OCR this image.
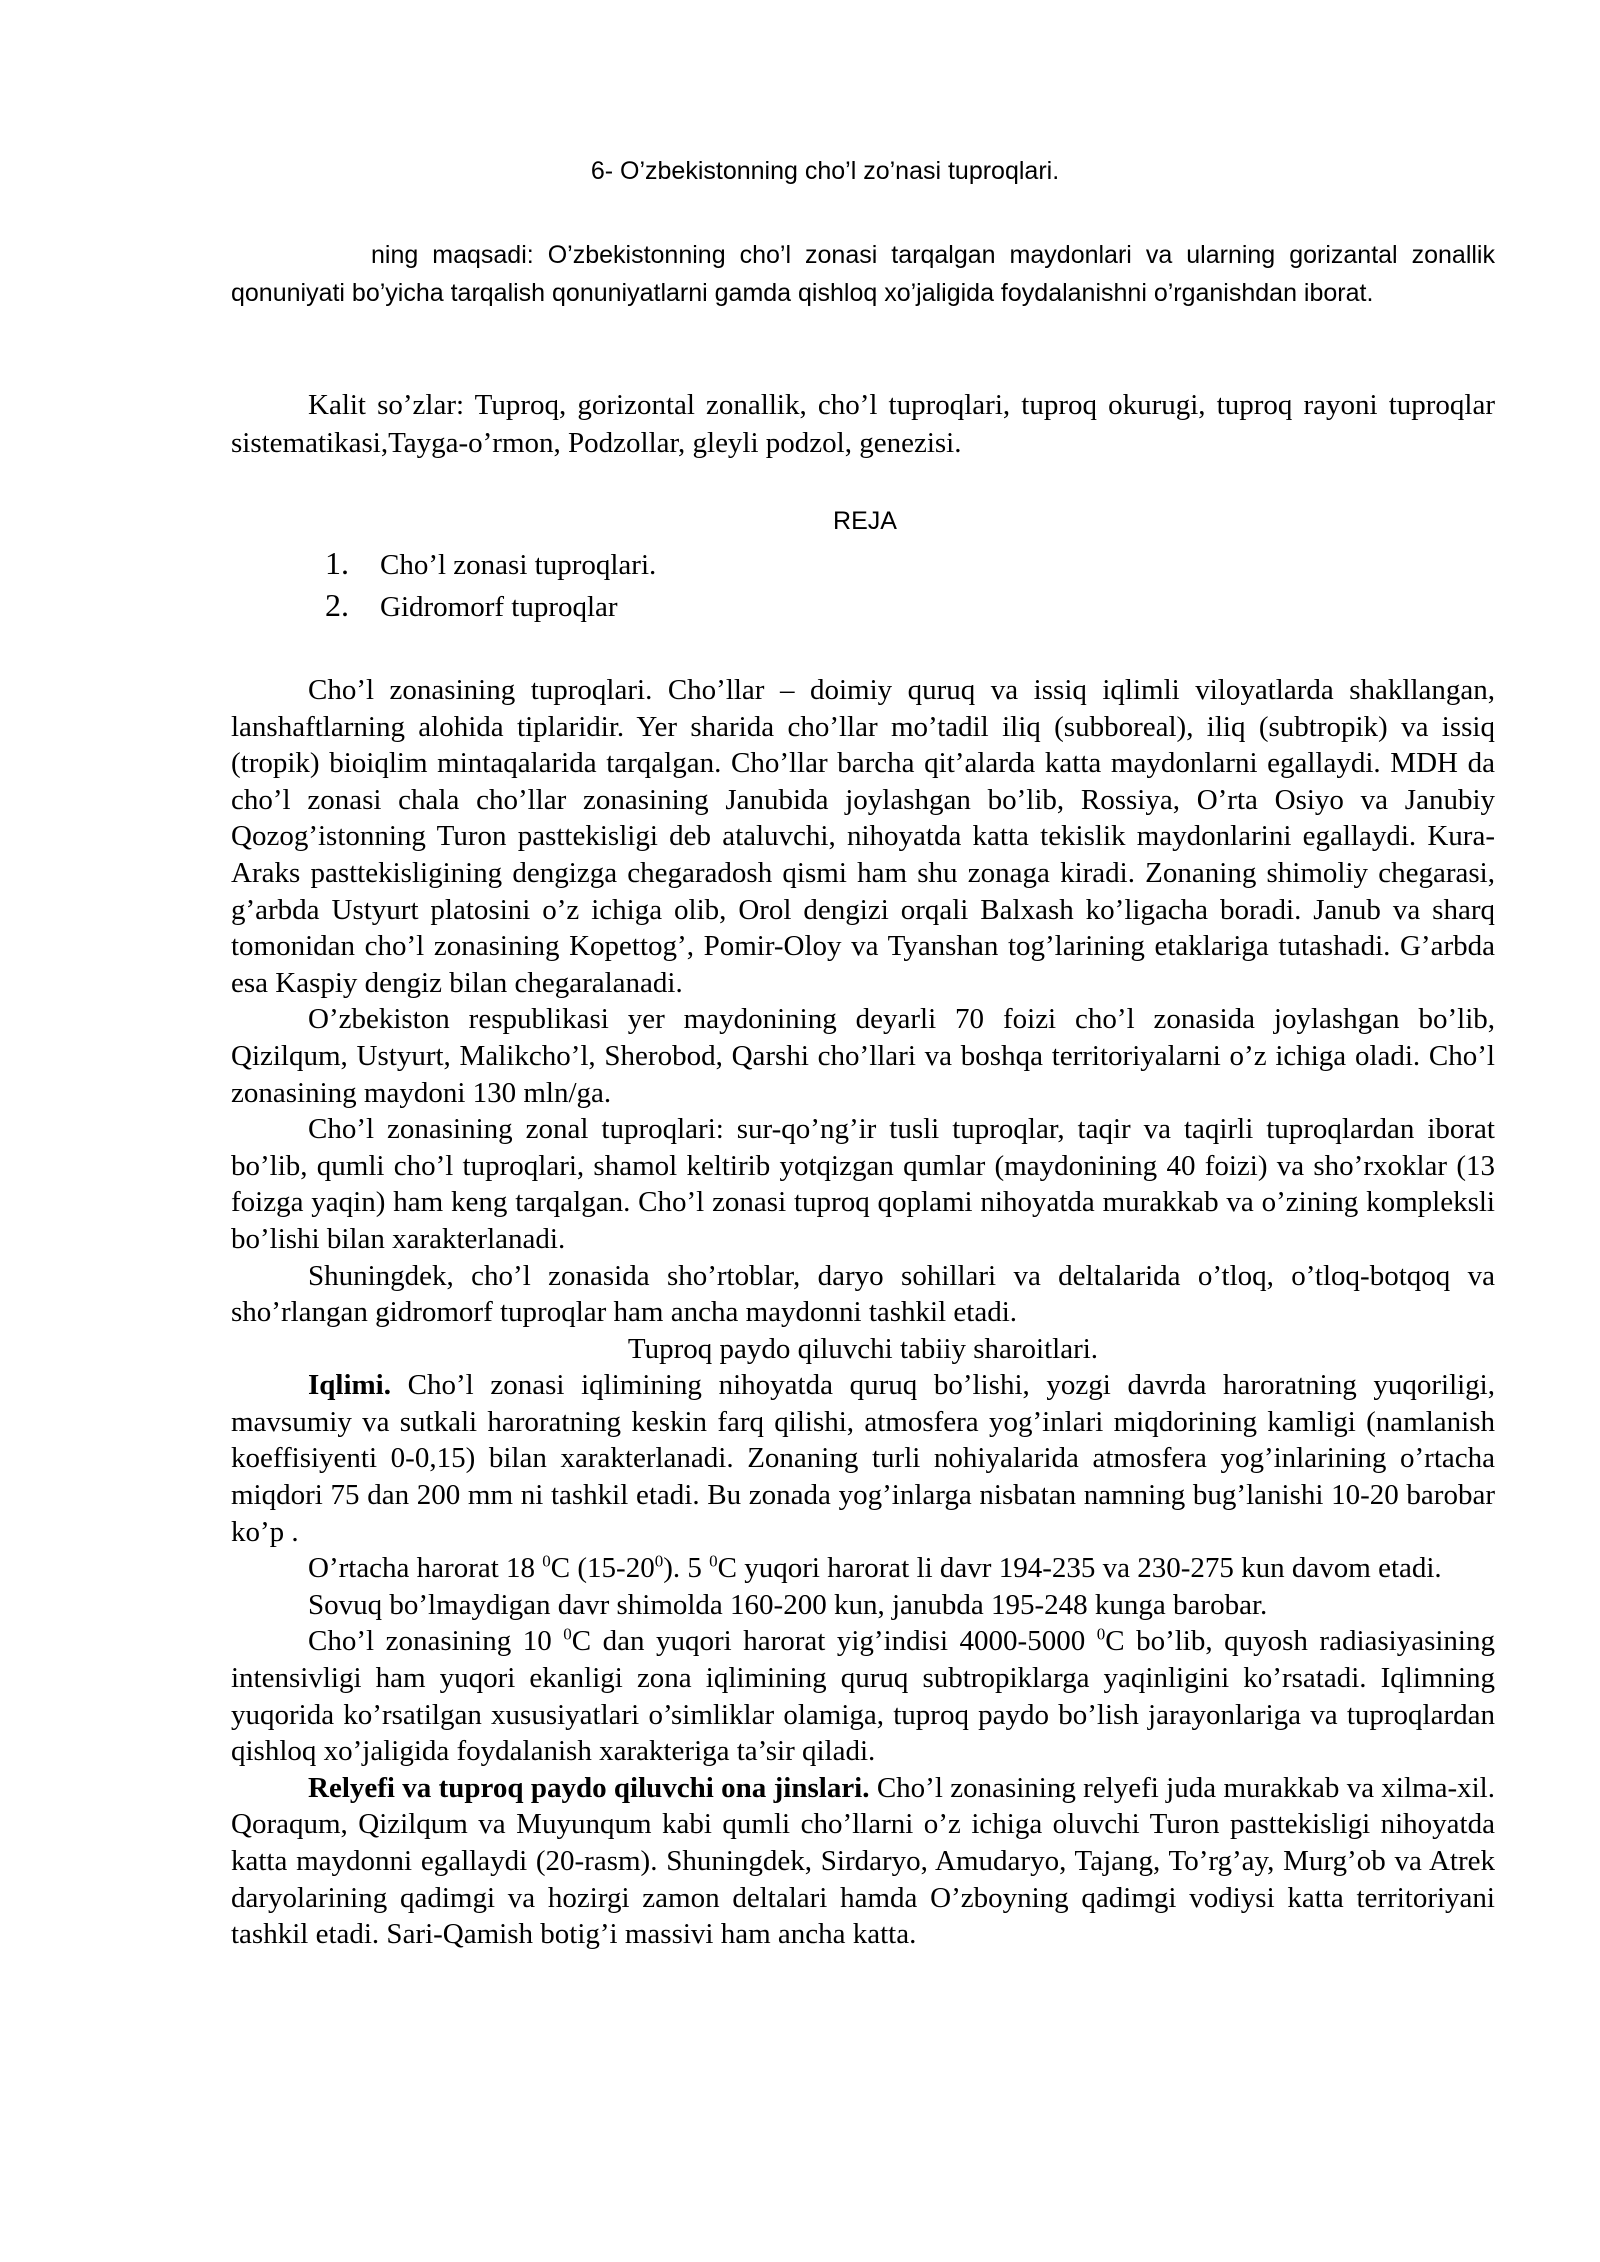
6- O’zbekistonning cho’l zo’nasi tuproqlari.

ning maqsadi: O’zbekistonning cho’l zonasi tarqalgan maydonlari va ularning gorizantal zonallik qonuniyati bo’yicha tarqalish qonuniyatlarni gamda qishloq xo’jaligida foydalanishni o’rganishdan iborat.

Kalit so’zlar: Tuproq, gorizontal zonallik, cho’l tuproqlari, tuproq okurugi, tuproq rayoni tuproqlar sistematikasi,Tayga-o’rmon, Podzollar, gleyli podzol, genezisi.

REJA
1. Cho’l zonasi tuproqlari.
2. Gidromorf tuproqlar

Cho’l zonasining tuproqlari. Cho’llar – doimiy quruq va issiq iqlimli viloyatlarda shakllangan, lanshaftlarning alohida tiplaridir. Yer sharida cho’llar mo’tadil iliq (subboreal), iliq (subtropik) va issiq (tropik) bioiqlim mintaqalarida tarqalgan. Cho’llar barcha qit’alarda katta maydonlarni egallaydi. MDH da cho’l zonasi chala cho’llar zonasining Janubida joylashgan bo’lib, Rossiya, O’rta Osiyo va Janubiy Qozog’istonning Turon pasttekisligi deb ataluvchi, nihoyatda katta tekislik maydonlarini egallaydi. Kura-Araks pasttekisligining dengizga chegaradosh qismi ham shu zonaga kiradi. Zonaning shimoliy chegarasi, g’arbda Ustyurt platosini o’z ichiga olib, Orol dengizi orqali Balxash ko’ligacha boradi. Janub va sharq tomonidan cho’l zonasining Kopettog’, Pomir-Oloy va Tyanshan tog’larining etaklariga tutashadi. G’arbda esa Kaspiy dengiz bilan chegaralanadi.

O’zbekiston respublikasi yer maydonining deyarli 70 foizi cho’l zonasida joylashgan bo’lib, Qizilqum, Ustyurt, Malikcho’l, Sherobod, Qarshi cho’llari va boshqa territoriyalarni o’z ichiga oladi. Cho’l zonasining maydoni 130 mln/ga.

Cho’l zonasining zonal tuproqlari: sur-qo’ng’ir tusli tuproqlar, taqir va taqirli tuproqlardan iborat bo’lib, qumli cho’l tuproqlari, shamol keltirib yotqizgan qumlar (maydonining 40 foizi) va sho’rxoklar (13 foizga yaqin) ham keng tarqalgan. Cho’l zonasi tuproq qoplami nihoyatda murakkab va o’zining kompleksli bo’lishi bilan xarakterlanadi.

Shuningdek, cho’l zonasida sho’rtoblar, daryo sohillari va deltalarida o’tloq, o’tloq-botqoq va sho’rlangan gidromorf tuproqlar ham ancha maydonni tashkil etadi.

Tuproq paydo qiluvchi tabiiy sharoitlari.

Iqlimi. Cho’l zonasi iqlimining nihoyatda quruq bo’lishi, yozgi davrda haroratning yuqoriligi, mavsumiy va sutkali haroratning keskin farq qilishi, atmosfera yog’inlari miqdorining kamligi (namlanish koeffisiyenti 0-0,15) bilan xarakterlanadi. Zonaning turli nohiyalarida atmosfera yog’inlarining o’rtacha miqdori 75 dan 200 mm ni tashkil etadi. Bu zonada yog’inlarga nisbatan namning bug’lanishi 10-20 barobar ko’p .

O’rtacha harorat 18 $^0$C $(15-20^0)$. 5 $^0$C yuqori harorat li davr 194-235 va 230-275 kun davom etadi.

Sovuq bo’lmaydigan davr shimolda 160-200 kun, janubda 195-248 kunga barobar.

Cho’l zonasining 10 $^0$C dan yuqori harorat yig’indisi 4000-5000 $^0$C bo’lib, quyosh radiasiyasining intensivligi ham yuqori ekanligi zona iqlimining quruq subtropiklarga yaqinligini ko’rsatadi. Iqlimning yuqorida ko’rsatilgan xususiyatlari o’simliklar olamiga, tuproq paydo bo’lish jarayonlariga va tuproqlardan qishloq xo’jaligida foydalanish xarakteriga ta’sir qiladi.

Relyefi va tuproq paydo qiluvchi ona jinslari. Cho’l zonasining relyefi juda murakkab va xilma-xil. Qoraqum, Qizilqum va Muyunqum kabi qumli cho’llarni o’z ichiga oluvchi Turon pasttekisligi nihoyatda katta maydonni egallaydi (20-rasm). Shuningdek, Sirdaryo, Amudaryo, Tajang, To’rg’ay, Murg’ob va Atrek daryolarining qadimgi va hozirgi zamon deltalari hamda O’zboyning qadimgi vodiysi katta territoriyani tashkil etadi. Sari-Qamish botig’i massivi ham ancha katta.
